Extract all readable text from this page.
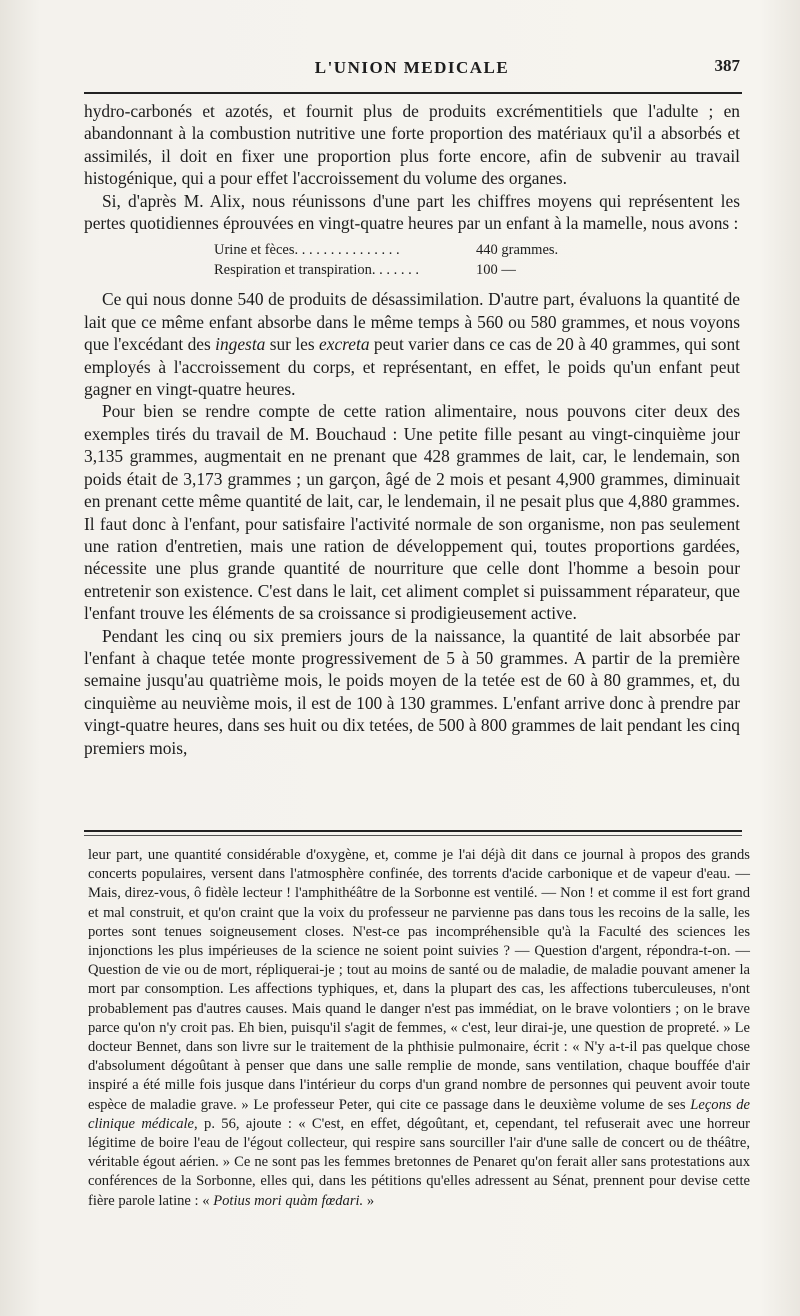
L'UNION MEDICALE	387

hydro-carbonés et azotés, et fournit plus de produits excrémentitiels que l'adulte ; en abandonnant à la combustion nutritive une forte proportion des matériaux qu'il a absorbés et assimilés, il doit en fixer une proportion plus forte encore, afin de subvenir au travail histogénique, qui a pour effet l'accroissement du volume des organes.

Si, d'après M. Alix, nous réunissons d'une part les chiffres moyens qui représentent les pertes quotidiennes éprouvées en vingt-quatre heures par un enfant à la mamelle, nous avons :

Urine et fèces. . . . . . . . . . . . . . .	440 grammes.
Respiration et transpiration. . . . . . .	100 —

Ce qui nous donne 540 de produits de désassimilation. D'autre part, évaluons la quantité de lait que ce même enfant absorbe dans le même temps à 560 ou 580 grammes, et nous voyons que l'excédant des ingesta sur les excreta peut varier dans ce cas de 20 à 40 grammes, qui sont employés à l'accroissement du corps, et représentant, en effet, le poids qu'un enfant peut gagner en vingt-quatre heures.

Pour bien se rendre compte de cette ration alimentaire, nous pouvons citer deux des exemples tirés du travail de M. Bouchaud : Une petite fille pesant au vingt-cinquième jour 3,135 grammes, augmentait en ne prenant que 428 grammes de lait, car, le lendemain, son poids était de 3,173 grammes ; un garçon, âgé de 2 mois et pesant 4,900 grammes, diminuait en prenant cette même quantité de lait, car, le lendemain, il ne pesait plus que 4,880 grammes. Il faut donc à l'enfant, pour satisfaire l'activité normale de son organisme, non pas seulement une ration d'entretien, mais une ration de développement qui, toutes proportions gardées, nécessite une plus grande quantité de nourriture que celle dont l'homme a besoin pour entretenir son existence. C'est dans le lait, cet aliment complet si puissamment réparateur, que l'enfant trouve les éléments de sa croissance si prodigieusement active.

Pendant les cinq ou six premiers jours de la naissance, la quantité de lait absorbée par l'enfant à chaque tetée monte progressivement de 5 à 50 grammes. A partir de la première semaine jusqu'au quatrième mois, le poids moyen de la tetée est de 60 à 80 grammes, et, du cinquième au neuvième mois, il est de 100 à 130 grammes. L'enfant arrive donc à prendre par vingt-quatre heures, dans ses huit ou dix tetées, de 500 à 800 grammes de lait pendant les cinq premiers mois,

leur part, une quantité considérable d'oxygène, et, comme je l'ai déjà dit dans ce journal à propos des grands concerts populaires, versent dans l'atmosphère confinée, des torrents d'acide carbonique et de vapeur d'eau. — Mais, direz-vous, ô fidèle lecteur ! l'amphithéâtre de la Sorbonne est ventilé. — Non ! et comme il est fort grand et mal construit, et qu'on craint que la voix du professeur ne parvienne pas dans tous les recoins de la salle, les portes sont tenues soigneusement closes. N'est-ce pas incompréhensible qu'à la Faculté des sciences les injonctions les plus impérieuses de la science ne soient point suivies ? — Question d'argent, répondra-t-on. — Question de vie ou de mort, répliquerai-je ; tout au moins de santé ou de maladie, de maladie pouvant amener la mort par consomption. Les affections typhiques, et, dans la plupart des cas, les affections tuberculeuses, n'ont probablement pas d'autres causes. Mais quand le danger n'est pas immédiat, on le brave volontiers ; on le brave parce qu'on n'y croit pas. Eh bien, puisqu'il s'agit de femmes, « c'est, leur dirai-je, une question de propreté. » Le docteur Bennet, dans son livre sur le traitement de la phthisie pulmonaire, écrit : « N'y a-t-il pas quelque chose d'absolument dégoûtant à penser que dans une salle remplie de monde, sans ventilation, chaque bouffée d'air inspiré a été mille fois jusque dans l'intérieur du corps d'un grand nombre de personnes qui peuvent avoir toute espèce de maladie grave. » Le professeur Peter, qui cite ce passage dans le deuxième volume de ses Leçons de clinique médicale, p. 56, ajoute : « C'est, en effet, dégoûtant, et, cependant, tel refuserait avec une horreur légitime de boire l'eau de l'égout collecteur, qui respire sans sourciller l'air d'une salle de concert ou de théâtre, véritable égout aérien. » Ce ne sont pas les femmes bretonnes de Penaret qu'on ferait aller sans protestations aux conférences de la Sorbonne, elles qui, dans les pétitions qu'elles adressent au Sénat, prennent pour devise cette fière parole latine : « Potius mori quàm fœdari. »
